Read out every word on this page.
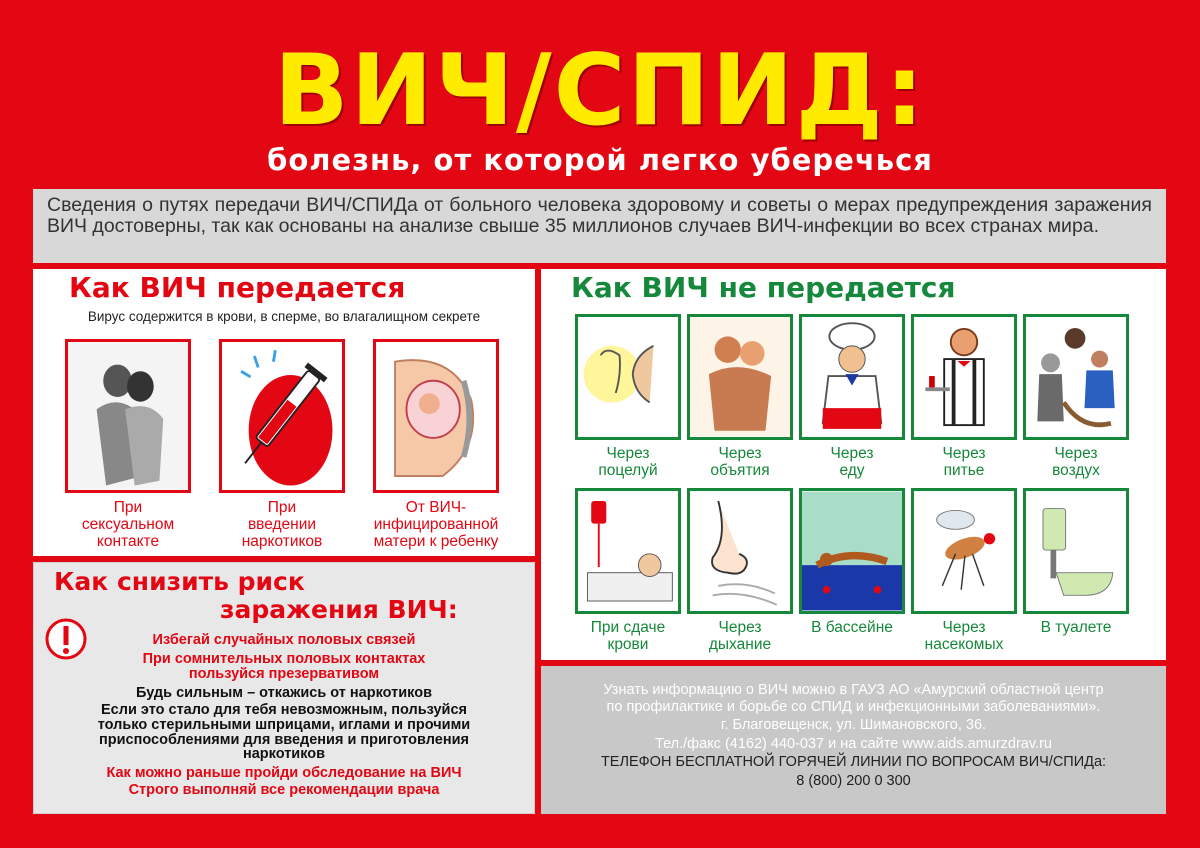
ВИЧ/СПИД:
болезнь, от которой легко уберечься
Сведения о путях передачи ВИЧ/СПИДа от больного человека здоровому и советы о мерах предупреждения заражения ВИЧ достоверны, так как основаны на анализе свыше 35 миллионов случаев ВИЧ-инфекции во всех странах мира.
Как ВИЧ передается
Вирус содержится в крови, в сперме, во влагалищном секрете
При
сексуальном
контакте
При
введении
наркотиков
От ВИЧ-
инфицированной
матери к ребенку
Как ВИЧ не передается
Через
поцелуй
Через
объятия
Через
еду
Через
питье
Через
воздух
При сдаче
крови
Через
дыхание
В бассейне	Через
насекомых
В туалете
Как снизить риск
заражения ВИЧ:
Избегай случайных половых связей
При сомнительных половых контактах
пользуйся презервативом
Будь сильным – откажись от наркотиков
Если это стало для тебя невозможным, пользуйся
только стерильными шприцами, иглами и прочими
приспособлениями для введения и приготовления
наркотиков
Как можно раньше пройди обследование на ВИЧ
Строго выполняй все рекомендации врача
Узнать информацию о ВИЧ можно в ГАУЗ АО «Амурский областной центр
по профилактике и борьбе со СПИД и инфекционными заболеваниями».
г. Благовещенск, ул. Шимановского, 36.
Тел./факс (4162) 440-037 и на сайте www.aids.amurzdrav.ru
ТЕЛЕФОН БЕСПЛАТНОЙ ГОРЯЧЕЙ ЛИНИИ ПО ВОПРОСАМ ВИЧ/СПИДа:
8 (800) 200 0 300
